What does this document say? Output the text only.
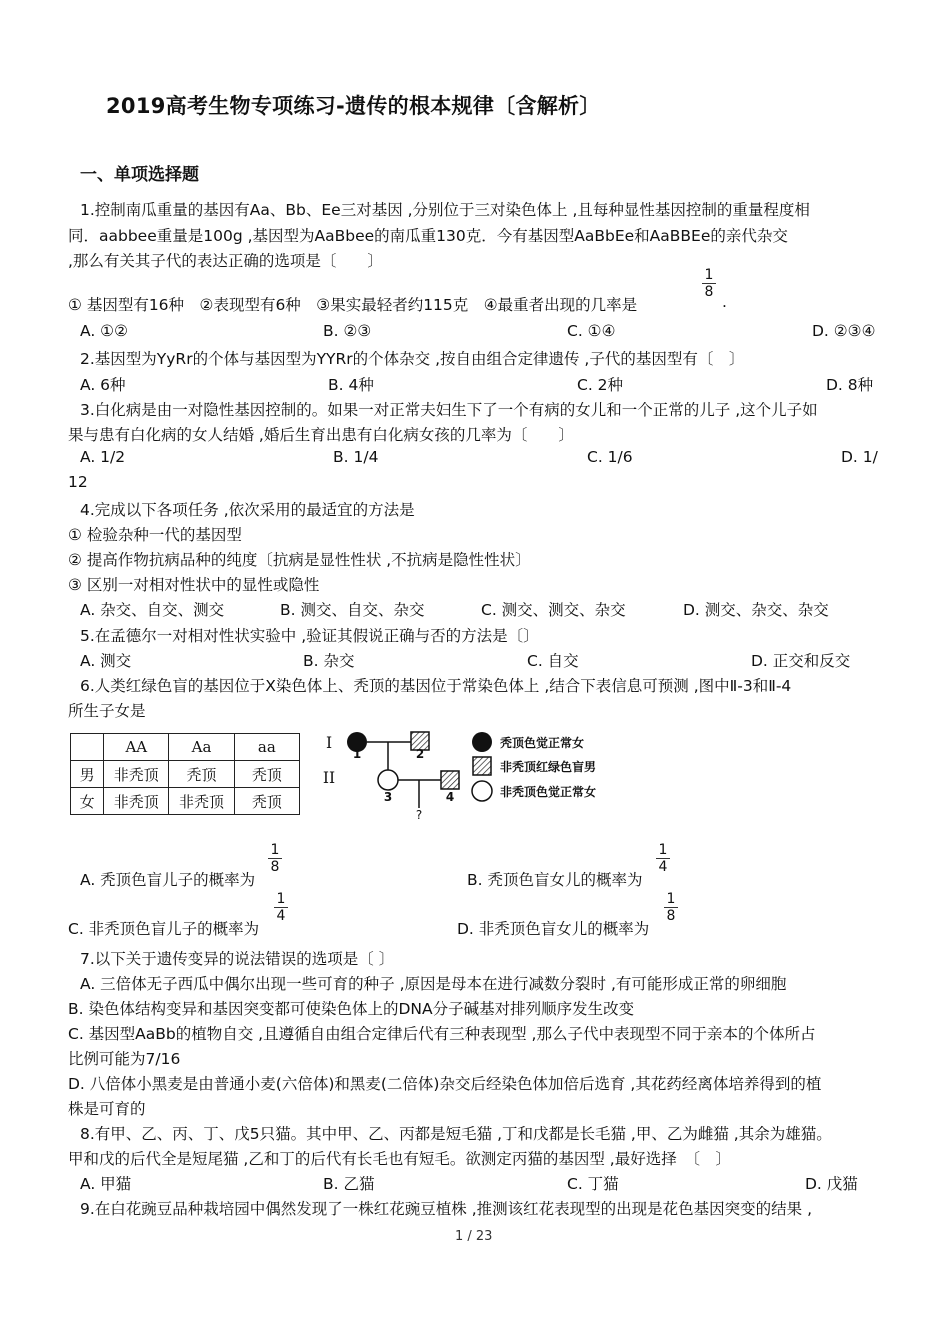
2019高考生物专项练习-遗传的根本规律〔含解析〕
一、单项选择题
1.控制南瓜重量的基因有Aa、Bb、Ee三对基因 ,分别位于三对染色体上 ,且每种显性基因控制的重量程度相
同．aabbee重量是100g ,基因型为AaBbee的南瓜重130克．今有基因型AaBbEe和AaBBEe的亲代杂交
,那么有关其子代的表达正确的选项是〔　　〕
① 基因型有16种　②表现型有6种　③果实最轻者约115克　④最重者出现的几率是
1
8
.
A. ①②	B. ②③	C. ①④	D. ②③④
2.基因型为YyRr的个体与基因型为YYRr的个体杂交 ,按自由组合定律遗传 ,子代的基因型有〔　〕
A. 6种	B. 4种	C. 2种	D. 8种
3.白化病是由一对隐性基因控制的。如果一对正常夫妇生下了一个有病的女儿和一个正常的儿子 ,这个儿子如
果与患有白化病的女人结婚 ,婚后生育出患有白化病女孩的几率为〔　　〕
A. 1/2	B. 1/4	C. 1/6	D. 1/
12
4.完成以下各项任务 ,依次采用的最适宜的方法是
① 检验杂种一代的基因型
② 提高作物抗病品种的纯度〔抗病是显性性状 ,不抗病是隐性性状〕
③ 区别一对相对性状中的显性或隐性
A. 杂交、自交、测交	B. 测交、自交、杂交	C. 测交、测交、杂交	D. 测交、杂交、杂交
5.在孟德尔一对相对性状实验中 ,验证其假说正确与否的方法是〔〕
A. 测交	B. 杂交	C. 自交	D. 正交和反交
6.人类红绿色盲的基因位于X染色体上、秃顶的基因位于常染色体上 ,结合下表信息可预测 ,图中Ⅱ-3和Ⅱ-4
所生子女是
	AA	Aa	aa
男	非秃顶	秃顶	秃顶
女	非秃顶	非秃顶	秃顶
I
II
1	2
3	4
?
秃顶色觉正常女
非秃顶红绿色盲男
非秃顶色觉正常女
A. 秃顶色盲儿子的概率为
1
8
B. 秃顶色盲女儿的概率为
1
4
C. 非秃顶色盲儿子的概率为
1
4
D. 非秃顶色盲女儿的概率为
1
8
7.以下关于遗传变异的说法错误的选项是〔 〕
A. 三倍体无子西瓜中偶尔出现一些可育的种子 ,原因是母本在进行减数分裂时 ,有可能形成正常的卵细胞
B. 染色体结构变异和基因突变都可使染色体上的DNA分子碱基对排列顺序发生改变
C. 基因型AaBb的植物自交 ,且遵循自由组合定律后代有三种表现型 ,那么子代中表现型不同于亲本的个体所占
比例可能为7/16
D. 八倍体小黑麦是由普通小麦(六倍体)和黑麦(二倍体)杂交后经染色体加倍后选育 ,其花药经离体培养得到的植
株是可育的
8.有甲、乙、丙、丁、戊5只猫。其中甲、乙、丙都是短毛猫 ,丁和戊都是长毛猫 ,甲、乙为雌猫 ,其余为雄猫。
甲和戊的后代全是短尾猫 ,乙和丁的后代有长毛也有短毛。欲测定丙猫的基因型 ,最好选择　〔　〕
A. 甲猫	B. 乙猫	C. 丁猫	D. 戊猫
9.在白花豌豆品种栽培园中偶然发现了一株红花豌豆植株 ,推测该红花表现型的出现是花色基因突变的结果 ,
1 / 23
